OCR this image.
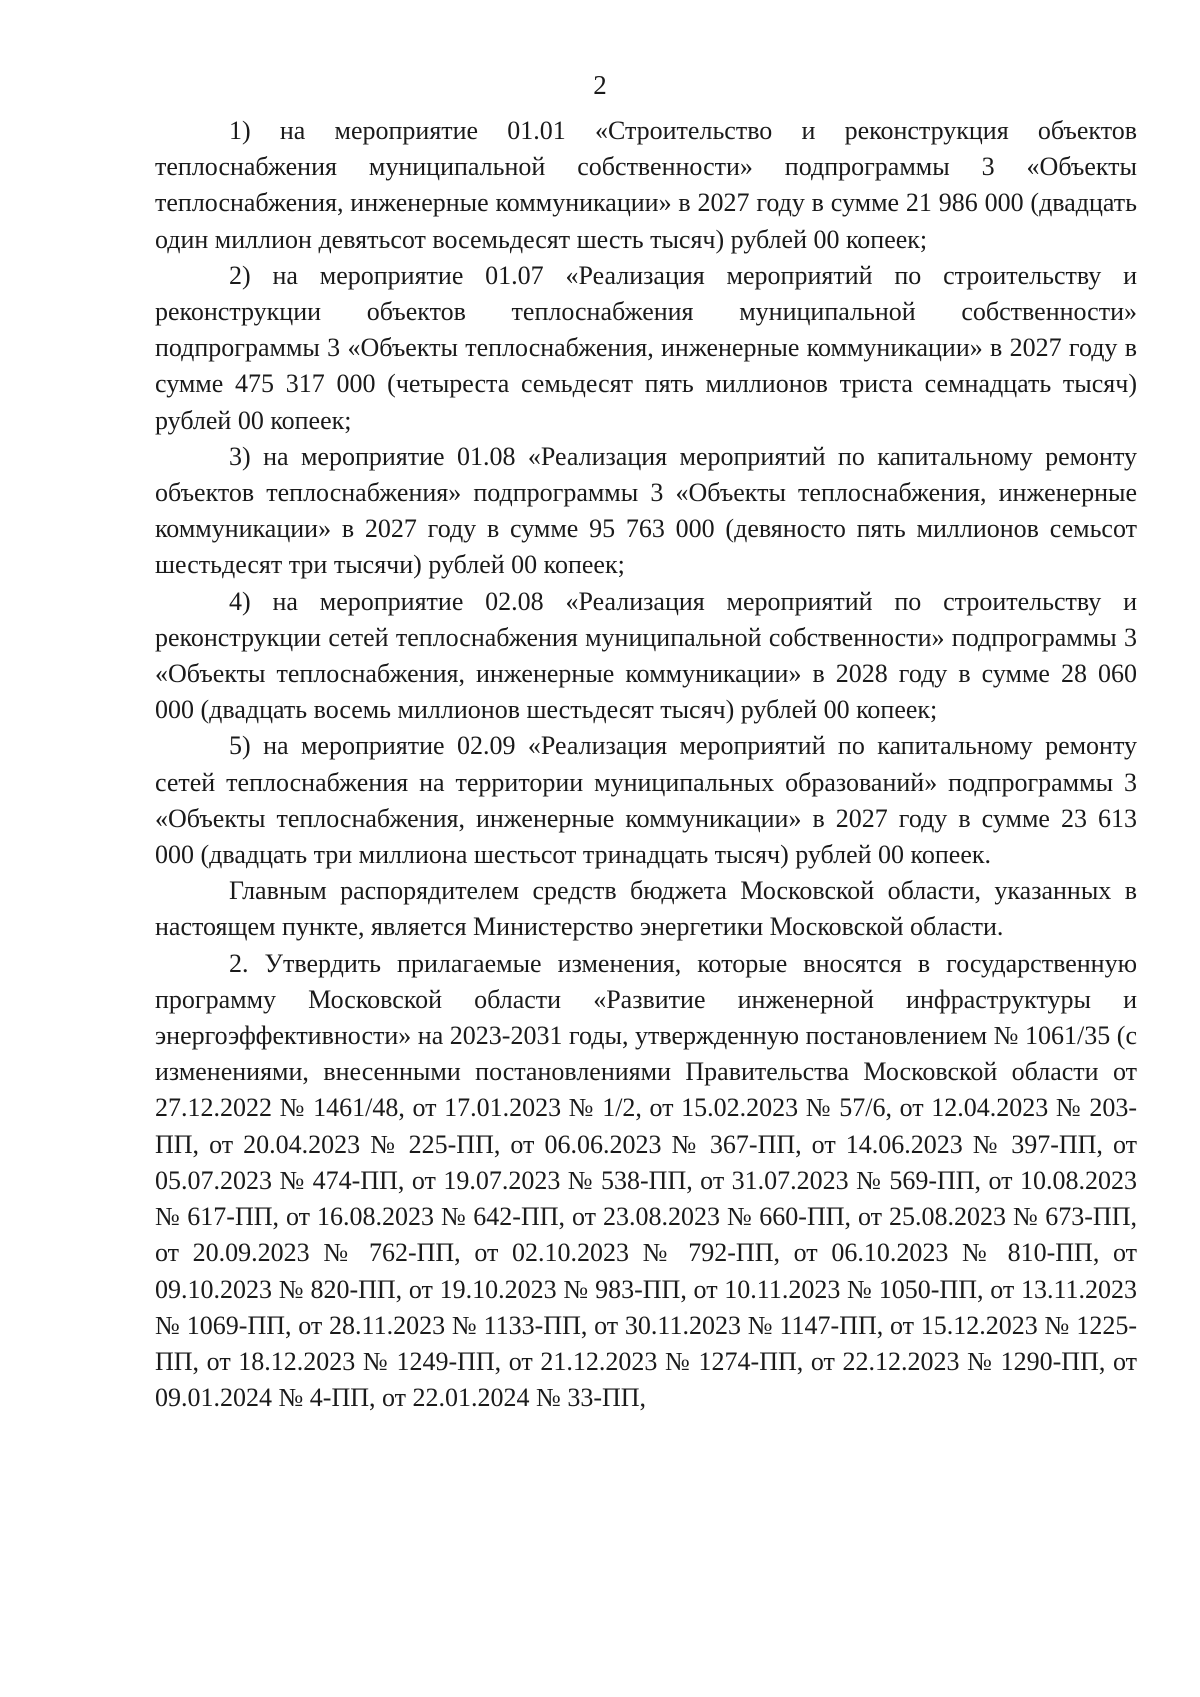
2

1) на мероприятие 01.01 «Строительство и реконструкция объектов теплоснабжения муниципальной собственности» подпрограммы 3 «Объекты теплоснабжения, инженерные коммуникации» в 2027 году в сумме 21 986 000 (двадцать один миллион девятьсот восемьдесят шесть тысяч) рублей 00 копеек;

2) на мероприятие 01.07 «Реализация мероприятий по строительству и реконструкции объектов теплоснабжения муниципальной собственности» подпрограммы 3 «Объекты теплоснабжения, инженерные коммуникации» в 2027 году в сумме 475 317 000 (четыреста семьдесят пять миллионов триста семнадцать тысяч) рублей 00 копеек;

3) на мероприятие 01.08 «Реализация мероприятий по капитальному ремонту объектов теплоснабжения» подпрограммы 3 «Объекты теплоснабжения, инженерные коммуникации» в 2027 году в сумме 95 763 000 (девяносто пять миллионов семьсот шестьдесят три тысячи) рублей 00 копеек;

4) на мероприятие 02.08 «Реализация мероприятий по строительству и реконструкции сетей теплоснабжения муниципальной собственности» подпрограммы 3 «Объекты теплоснабжения, инженерные коммуникации» в 2028 году в сумме 28 060 000 (двадцать восемь миллионов шестьдесят тысяч) рублей 00 копеек;

5) на мероприятие 02.09 «Реализация мероприятий по капитальному ремонту сетей теплоснабжения на территории муниципальных образований» подпрограммы 3 «Объекты теплоснабжения, инженерные коммуникации» в 2027 году в сумме 23 613 000 (двадцать три миллиона шестьсот тринадцать тысяч) рублей 00 копеек.

Главным распорядителем средств бюджета Московской области, указанных в настоящем пункте, является Министерство энергетики Московской области.

2. Утвердить прилагаемые изменения, которые вносятся в государственную программу Московской области «Развитие инженерной инфраструктуры и энергоэффективности» на 2023-2031 годы, утвержденную постановлением № 1061/35 (с изменениями, внесенными постановлениями Правительства Московской области от 27.12.2022 № 1461/48, от 17.01.2023 № 1/2, от 15.02.2023 № 57/6, от 12.04.2023 № 203-ПП, от 20.04.2023 № 225-ПП, от 06.06.2023 № 367-ПП, от 14.06.2023 № 397-ПП, от 05.07.2023 № 474-ПП, от 19.07.2023 № 538-ПП, от 31.07.2023 № 569-ПП, от 10.08.2023 № 617-ПП, от 16.08.2023 № 642-ПП, от 23.08.2023 № 660-ПП, от 25.08.2023 № 673-ПП, от 20.09.2023 № 762-ПП, от 02.10.2023 № 792-ПП, от 06.10.2023 № 810-ПП, от 09.10.2023 № 820-ПП, от 19.10.2023 № 983-ПП, от 10.11.2023 № 1050-ПП, от 13.11.2023 № 1069-ПП, от 28.11.2023 № 1133-ПП, от 30.11.2023 № 1147-ПП, от 15.12.2023 № 1225-ПП, от 18.12.2023 № 1249-ПП, от 21.12.2023 № 1274-ПП, от 22.12.2023 № 1290-ПП, от 09.01.2024 № 4-ПП, от 22.01.2024 № 33-ПП,
